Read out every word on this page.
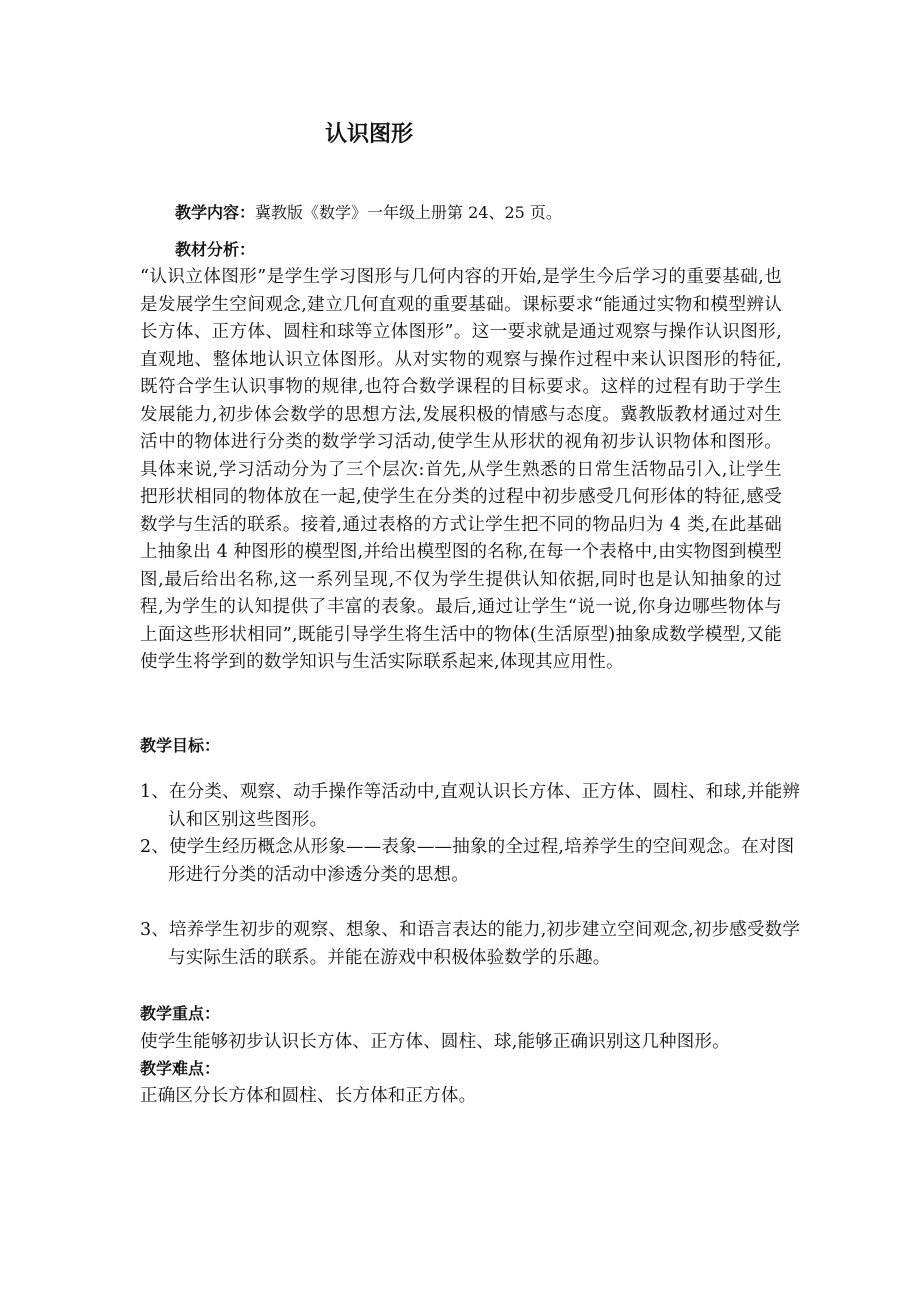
认识图形
教学内容：冀教版《数学》一年级上册第 24、25 页。
教材分析：

“认识立体图形”是学生学习图形与几何内容的开始,是学生今后学习的重要基础,也是发展学生空间观念,建立几何直观的重要基础。课标要求“能通过实物和模型辨认长方体、正方体、圆柱和球等立体图形”。这一要求就是通过观察与操作认识图形,直观地、整体地认识立体图形。从对实物的观察与操作过程中来认识图形的特征,既符合学生认识事物的规律,也符合数学课程的目标要求。这样的过程有助于学生发展能力,初步体会数学的思想方法,发展积极的情感与态度。冀教版教材通过对生活中的物体进行分类的数学学习活动,使学生从形状的视角初步认识物体和图形。具体来说,学习活动分为了三个层次:首先,从学生熟悉的日常生活物品引入,让学生把形状相同的物体放在一起,使学生在分类的过程中初步感受几何形体的特征,感受数学与生活的联系。接着,通过表格的方式让学生把不同的物品归为 4 类,在此基础上抽象出 4 种图形的模型图,并给出模型图的名称,在每一个表格中,由实物图到模型图,最后给出名称,这一系列呈现,不仅为学生提供认知依据,同时也是认知抽象的过程,为学生的认知提供了丰富的表象。最后,通过让学生“说一说,你身边哪些物体与上面这些形状相同”,既能引导学生将生活中的物体(生活原型)抽象成数学模型,又能使学生将学到的数学知识与生活实际联系起来,体现其应用性。

教学目标：

1、在分类、观察、动手操作等活动中,直观认识长方体、正方体、圆柱、和球,并能辨认和区别这些图形。

2、使学生经历概念从形象——表象——抽象的全过程,培养学生的空间观念。在对图形进行分类的活动中渗透分类的思想。

3、培养学生初步的观察、想象、和语言表达的能力,初步建立空间观念,初步感受数学与实际生活的联系。并能在游戏中积极体验数学的乐趣。

教学重点：
使学生能够初步认识长方体、正方体、圆柱、球,能够正确识别这几种图形。
教学难点：
正确区分长方体和圆柱、长方体和正方体。
